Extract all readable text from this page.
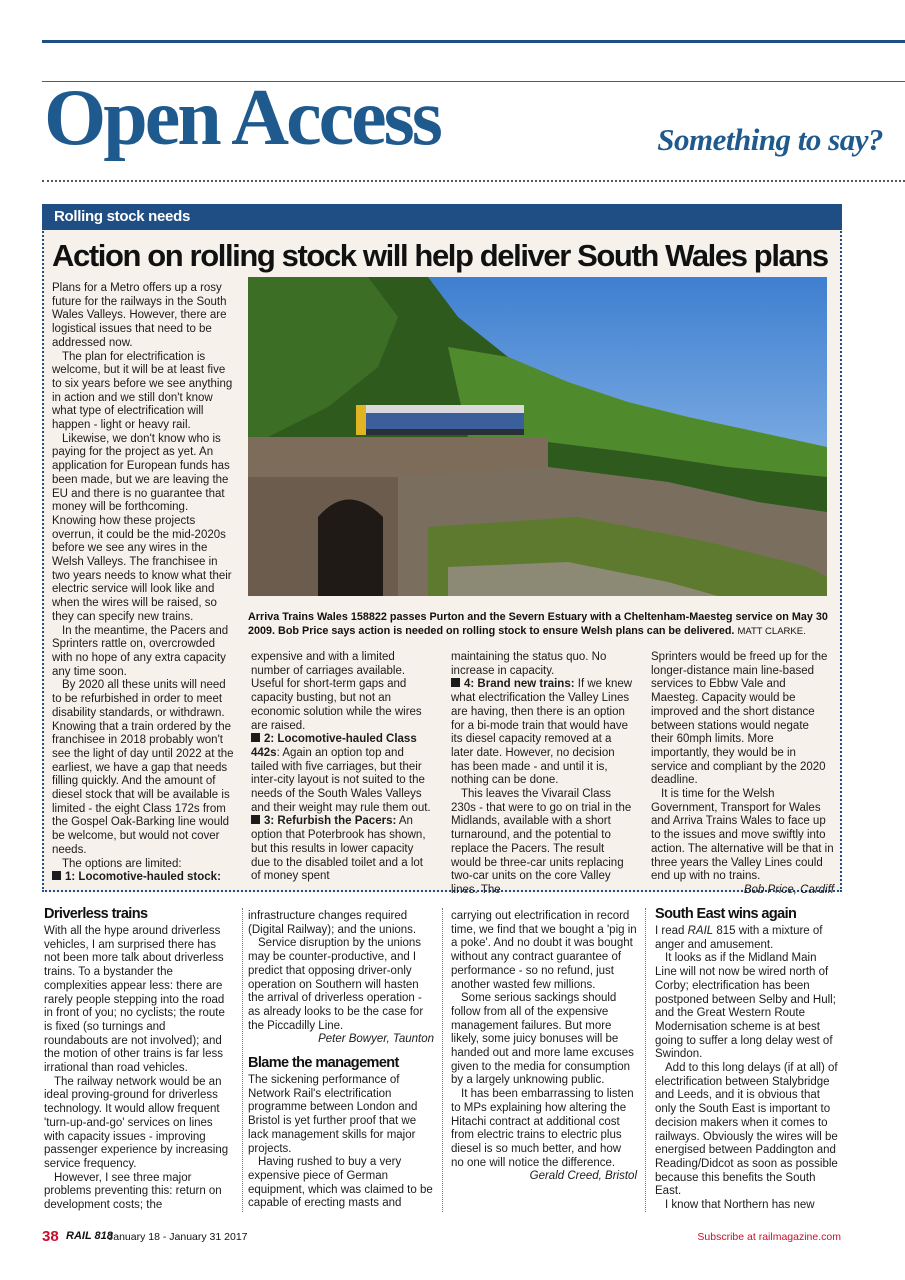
Open Access	Something to say?
Rolling stock needs
Action on rolling stock will help deliver South Wales plans
Arriva Trains Wales 158822 passes Purton and the Severn Estuary with a Cheltenham-Maesteg service on May 30 2009. Bob Price says action is needed on rolling stock to ensure Welsh plans can be delivered. MATT CLARKE.

Plans for a Metro offers up a rosy future for the railways in the South Wales Valleys. However, there are logistical issues that need to be addressed now.

The plan for electrification is welcome, but it will be at least five to six years before we see anything in action and we still don't know what type of electrification will happen - light or heavy rail.

Likewise, we don't know who is paying for the project as yet. An application for European funds has been made, but we are leaving the EU and there is no guarantee that money will be forthcoming. Knowing how these projects overrun, it could be the mid-2020s before we see any wires in the Welsh Valleys. The franchisee in two years needs to know what their electric service will look like and when the wires will be raised, so they can specify new trains.

In the meantime, the Pacers and Sprinters rattle on, overcrowded with no hope of any extra capacity any time soon.

By 2020 all these units will need to be refurbished in order to meet disability standards, or withdrawn. Knowing that a train ordered by the franchisee in 2018 probably won't see the light of day until 2022 at the earliest, we have a gap that needs filling quickly. And the amount of diesel stock that will be available is limited - the eight Class 172s from the Gospel Oak-Barking line would be welcome, but would not cover needs.

The options are limited:

1: Locomotive-hauled stock:

expensive and with a limited number of carriages available. Useful for short-term gaps and capacity busting, but not an economic solution while the wires are raised.

2: Locomotive-hauled Class 442s: Again an option top and tailed with five carriages, but their inter-city layout is not suited to the needs of the South Wales Valleys and their weight may rule them out.

3: Refurbish the Pacers: An option that Poterbrook has shown, but this results in lower capacity due to the disabled toilet and a lot of money spent

maintaining the status quo. No increase in capacity.

4: Brand new trains: If we knew what electrification the Valley Lines are having, then there is an option for a bi-mode train that would have its diesel capacity removed at a later date. However, no decision has been made - and until it is, nothing can be done.

This leaves the Vivarail Class 230s - that were to go on trial in the Midlands, available with a short turnaround, and the potential to replace the Pacers. The result would be three-car units replacing two-car units on the core Valley lines. The

Sprinters would be freed up for the longer-distance main line-based services to Ebbw Vale and Maesteg. Capacity would be improved and the short distance between stations would negate their 60mph limits. More importantly, they would be in service and compliant by the 2020 deadline.

It is time for the Welsh Government, Transport for Wales and Arriva Trains Wales to face up to the issues and move swiftly into action. The alternative will be that in three years the Valley Lines could end up with no trains.

Bob Price, Cardiff

Driverless trains

With all the hype around driverless vehicles, I am surprised there has not been more talk about driverless trains. To a bystander the complexities appear less: there are rarely people stepping into the road in front of you; no cyclists; the route is fixed (so turnings and roundabouts are not involved); and the motion of other trains is far less irrational than road vehicles.

The railway network would be an ideal proving-ground for driverless technology. It would allow frequent 'turn-up-and-go' services on lines with capacity issues - improving passenger experience by increasing service frequency.

However, I see three major problems preventing this: return on development costs; the

infrastructure changes required (Digital Railway); and the unions.

Service disruption by the unions may be counter-productive, and I predict that opposing driver-only operation on Southern will hasten the arrival of driverless operation - as already looks to be the case for the Piccadilly Line.

Peter Bowyer, Taunton

Blame the management

The sickening performance of Network Rail's electrification programme between London and Bristol is yet further proof that we lack management skills for major projects.

Having rushed to buy a very expensive piece of German equipment, which was claimed to be capable of erecting masts and

carrying out electrification in record time, we find that we bought a 'pig in a poke'. And no doubt it was bought without any contract guarantee of performance - so no refund, just another wasted few millions.

Some serious sackings should follow from all of the expensive management failures. But more likely, some juicy bonuses will be handed out and more lame excuses given to the media for consumption by a largely unknowing public.

It has been embarrassing to listen to MPs explaining how altering the Hitachi contract at additional cost from electric trains to electric plus diesel is so much better, and how no one will notice the difference.

Gerald Creed, Bristol

South East wins again

I read RAIL 815 with a mixture of anger and amusement.

It looks as if the Midland Main Line will not now be wired north of Corby; electrification has been postponed between Selby and Hull; and the Great Western Route Modernisation scheme is at best going to suffer a long delay west of Swindon.

Add to this long delays (if at all) of electrification between Stalybridge and Leeds, and it is obvious that only the South East is important to decision makers when it comes to railways. Obviously the wires will be energised between Paddington and Reading/Didcot as soon as possible because this benefits the South East.

I know that Northern has new

38 RAIL 818
January 18 - January 31 2017	Subscribe at railmagazine.com
